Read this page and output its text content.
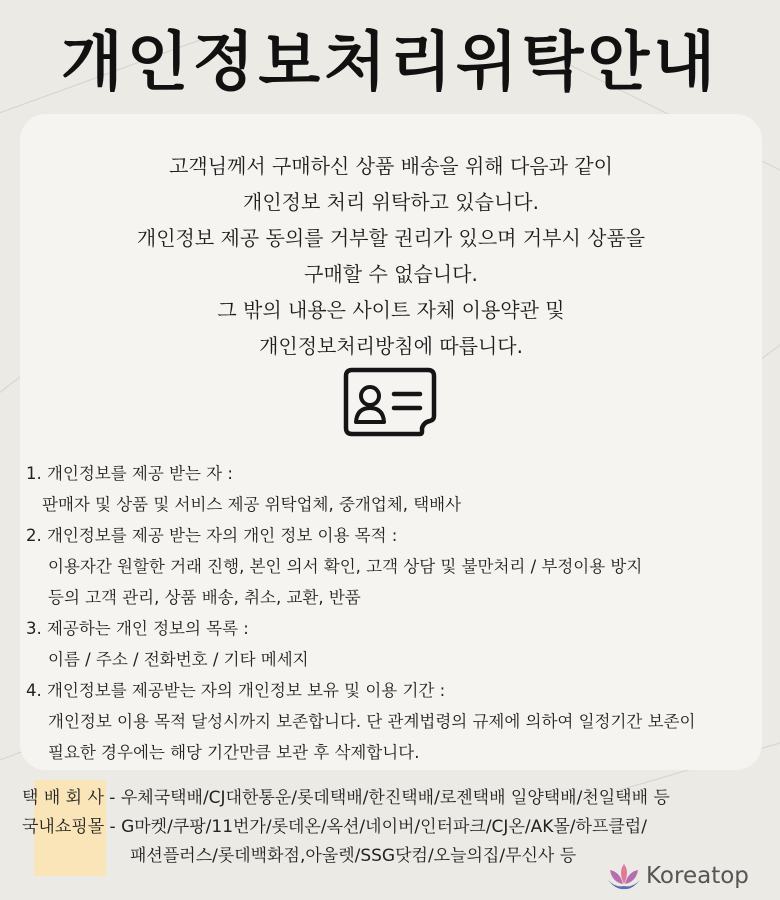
개인정보처리위탁안내
고객님께서 구매하신 상품 배송을 위해 다음과 같이
개인정보 처리 위탁하고 있습니다.
개인정보 제공 동의를 거부할 권리가 있으며 거부시 상품을
구매할 수 없습니다.
그 밖의 내용은 사이트 자체 이용약관 및
개인정보처리방침에 따릅니다.
1. 개인정보를 제공 받는 자 :
판매자 및 상품 및 서비스 제공 위탁업체, 중개업체, 택배사
2. 개인정보를 제공 받는 자의 개인 정보 이용 목적 :
이용자간 원할한 거래 진행, 본인 의서 확인, 고객 상담 및 불만처리 / 부정이용 방지
등의 고객 관리, 상품 배송, 취소, 교환, 반품
3. 제공하는 개인 정보의 목록 :
이름 / 주소 / 전화번호 / 기타 메세지
4. 개인정보를 제공받는 자의 개인정보 보유 및 이용 기간 :
개인정보 이용 목적 달성시까지 보존합니다. 단 관계법령의 규제에 의하여 일정기간 보존이
필요한 경우에는 해당 기간만큼 보관 후 삭제합니다.
택 배 회 사 - 우체국택배/CJ대한통운/롯데택배/한진택배/로젠택배 일양택배/천일택배 등
국내쇼핑몰 - G마켓/쿠팡/11번가/롯데온/옥션/네이버/인터파크/CJ온/AK몰/하프클럽/
패션플러스/롯데백화점,아울렛/SSG닷컴/오늘의집/무신사 등
Koreatop
